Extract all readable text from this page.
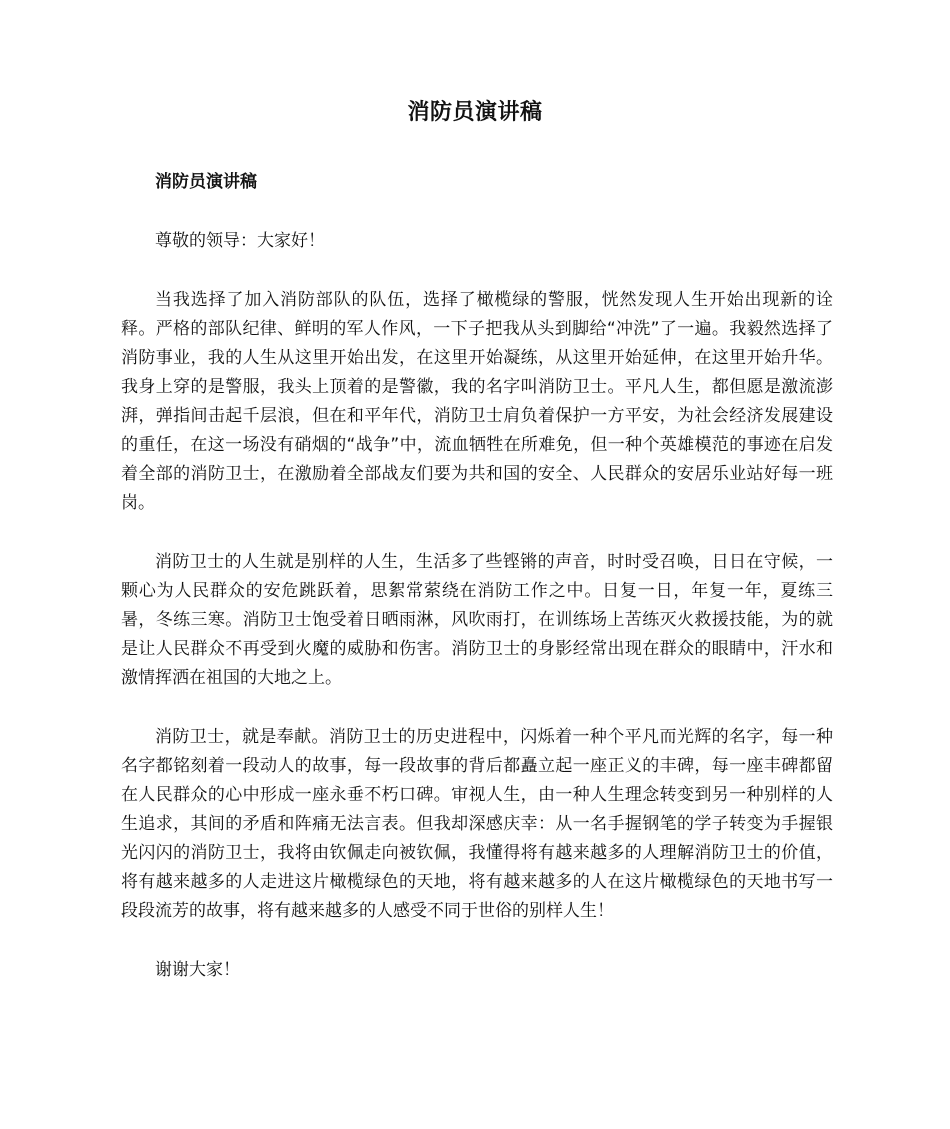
消防员演讲稿

消防员演讲稿

尊敬的领导：大家好！

当我选择了加入消防部队的队伍，选择了橄榄绿的警服，恍然发现人生开始出现新的诠释。严格的部队纪律、鲜明的军人作风，一下子把我从头到脚给“冲洗”了一遍。我毅然选择了消防事业，我的人生从这里开始出发，在这里开始凝练，从这里开始延伸，在这里开始升华。我身上穿的是警服，我头上顶着的是警徽，我的名字叫消防卫士。平凡人生，都但愿是激流澎湃，弹指间击起千层浪，但在和平年代，消防卫士肩负着保护一方平安，为社会经济发展建设的重任，在这一场没有硝烟的“战争”中，流血牺牲在所难免，但一种个英雄模范的事迹在启发着全部的消防卫士，在激励着全部战友们要为共和国的安全、人民群众的安居乐业站好每一班岗。

消防卫士的人生就是别样的人生，生活多了些铿锵的声音，时时受召唤，日日在守候，一颗心为人民群众的安危跳跃着，思絮常萦绕在消防工作之中。日复一日，年复一年，夏练三暑，冬练三寒。消防卫士饱受着日晒雨淋，风吹雨打，在训练场上苦练灭火救援技能，为的就是让人民群众不再受到火魔的威胁和伤害。消防卫士的身影经常出现在群众的眼睛中，汗水和激情挥洒在祖国的大地之上。

消防卫士，就是奉献。消防卫士的历史进程中，闪烁着一种个平凡而光辉的名字，每一种名字都铭刻着一段动人的故事，每一段故事的背后都矗立起一座正义的丰碑，每一座丰碑都留在人民群众的心中形成一座永垂不朽口碑。审视人生，由一种人生理念转变到另一种别样的人生追求，其间的矛盾和阵痛无法言表。但我却深感庆幸：从一名手握钢笔的学子转变为手握银光闪闪的消防卫士，我将由钦佩走向被钦佩，我懂得将有越来越多的人理解消防卫士的价值，将有越来越多的人走进这片橄榄绿色的天地，将有越来越多的人在这片橄榄绿色的天地书写一段段流芳的故事，将有越来越多的人感受不同于世俗的别样人生！

谢谢大家！
